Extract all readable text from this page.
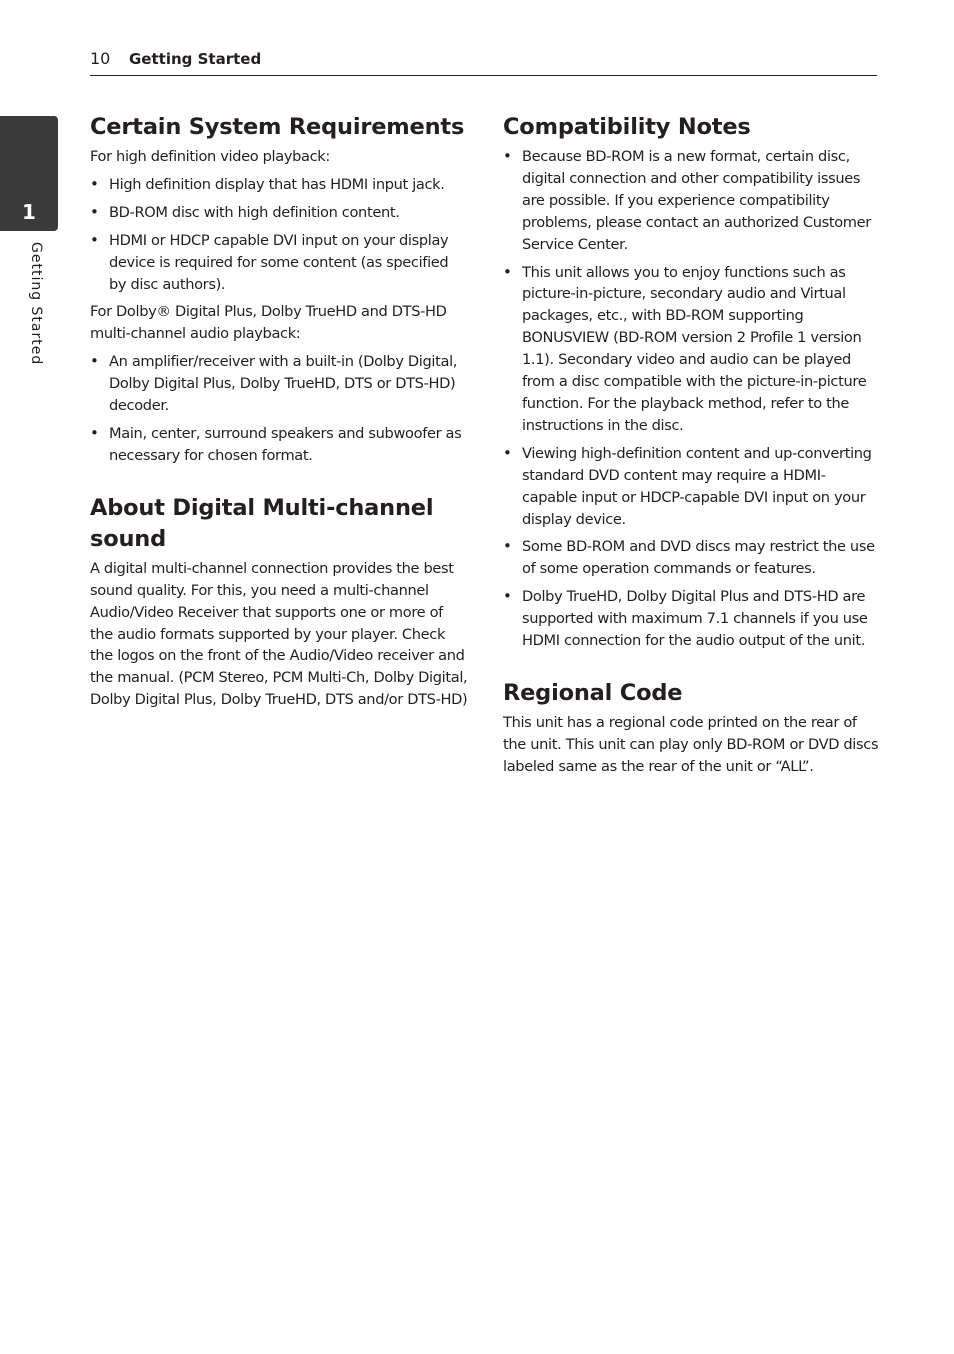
10 Getting Started
1
Getting Started
Certain System Requirements

For high definition video playback:

• High definition display that has HDMI input jack.
• BD-ROM disc with high definition content.
• HDMI or HDCP capable DVI input on your display device is required for some content (as specified by disc authors).

For Dolby® Digital Plus, Dolby TrueHD and DTS-HD multi-channel audio playback:

• An amplifier/receiver with a built-in (Dolby Digital, Dolby Digital Plus, Dolby TrueHD, DTS or DTS-HD) decoder.
• Main, center, surround speakers and subwoofer as necessary for chosen format.
About Digital Multi-channel sound

A digital multi-channel connection provides the best sound quality. For this, you need a multi-channel Audio/Video Receiver that supports one or more of the audio formats supported by your player. Check the logos on the front of the Audio/Video receiver and the manual. (PCM Stereo, PCM Multi-Ch, Dolby Digital, Dolby Digital Plus, Dolby TrueHD, DTS and/or DTS-HD)

Compatibility Notes
• Because BD-ROM is a new format, certain disc, digital connection and other compatibility issues are possible. If you experience compatibility problems, please contact an authorized Customer Service Center.
• This unit allows you to enjoy functions such as picture-in-picture, secondary audio and Virtual packages, etc., with BD-ROM supporting BONUSVIEW (BD-ROM version 2 Profile 1 version 1.1). Secondary video and audio can be played from a disc compatible with the picture-in-picture function. For the playback method, refer to the instructions in the disc.
• Viewing high-definition content and up-converting standard DVD content may require a HDMI-capable input or HDCP-capable DVI input on your display device.
• Some BD-ROM and DVD discs may restrict the use of some operation commands or features.
• Dolby TrueHD, Dolby Digital Plus and DTS-HD are supported with maximum 7.1 channels if you use HDMI connection for the audio output of the unit.
Regional Code

This unit has a regional code printed on the rear of the unit. This unit can play only BD-ROM or DVD discs labeled same as the rear of the unit or “ALL”.
